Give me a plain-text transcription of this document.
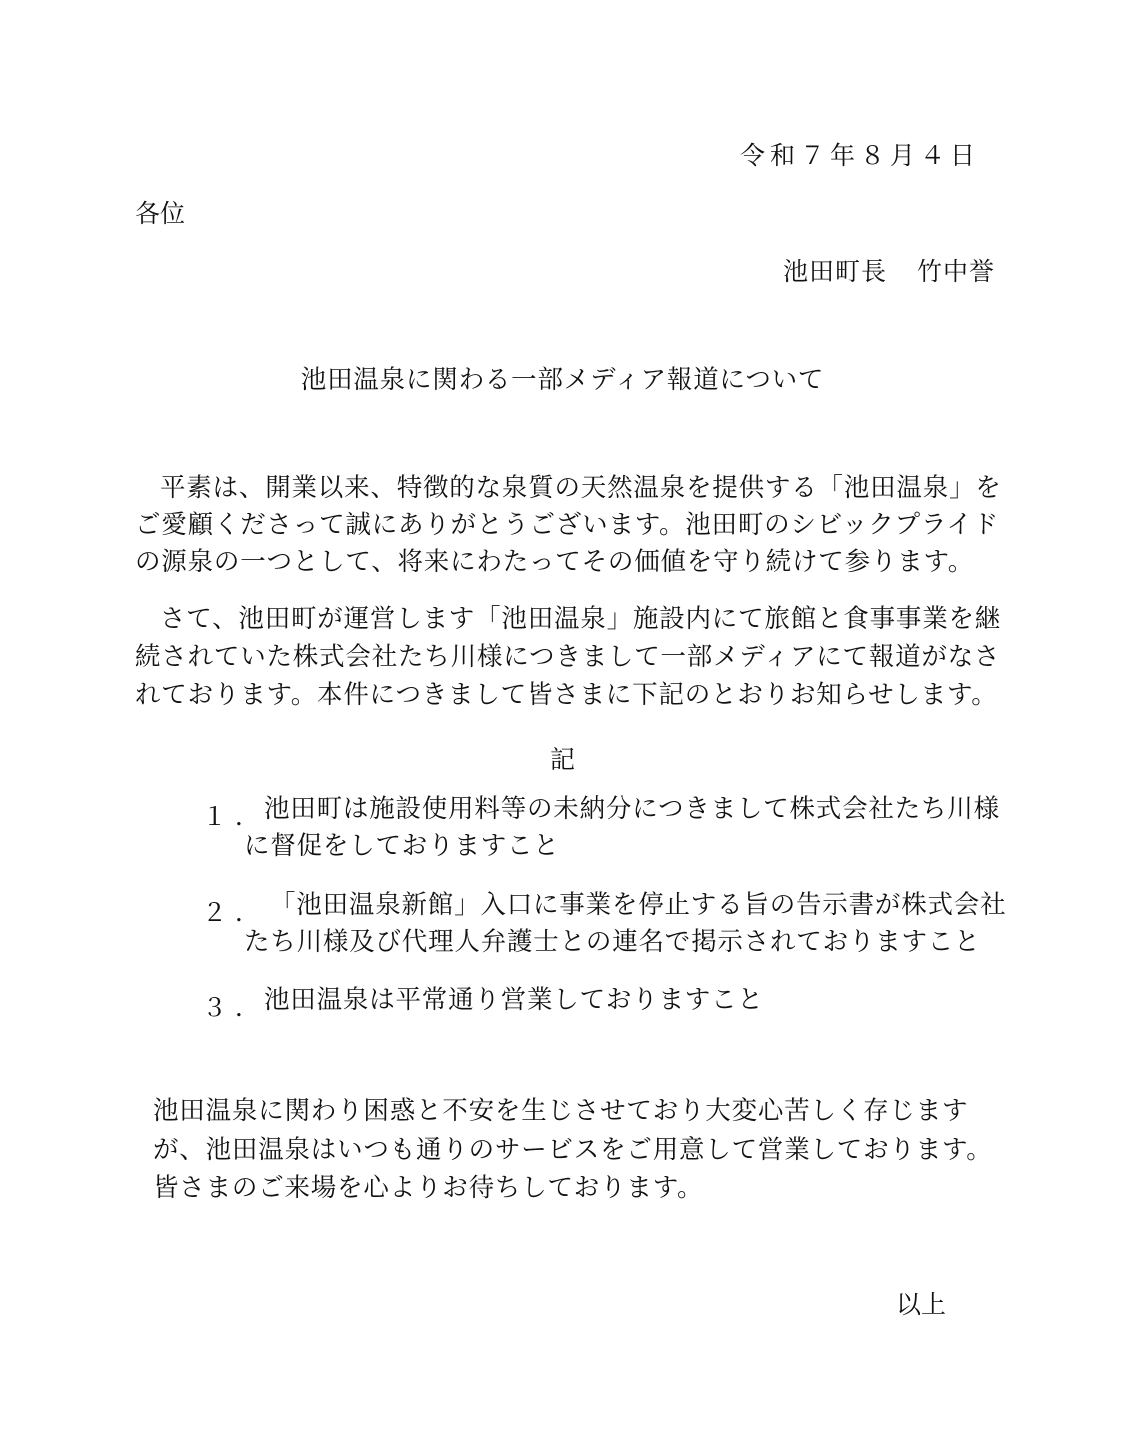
令和７年８月４日
各位
池田町長 竹中誉
池田温泉に関わる一部メディア報道について
平素は、開業以来、特徴的な泉質の天然温泉を提供する「池田温泉」を
ご愛顧くださって誠にありがとうございます。池田町のシビックプライド
の源泉の一つとして、将来にわたってその価値を守り続けて参ります。
さて、池田町が運営します「池田温泉」施設内にて旅館と食事事業を継
続されていた株式会社たち川様につきまして一部メディアにて報道がなさ
れております。本件につきまして皆さまに下記のとおりお知らせします。
記
１．
池田町は施設使用料等の未納分につきまして株式会社たち川様
に督促をしておりますこと
２． 「池田温泉新館」入口に事業を停止する旨の告示書が株式会社
たち川様及び代理人弁護士との連名で掲示されておりますこと
３．
池田温泉は平常通り営業しておりますこと
池田温泉に関わり困惑と不安を生じさせており大変心苦しく存じます
が、池田温泉はいつも通りのサービスをご用意して営業しております。
皆さまのご来場を心よりお待ちしております。
以上
